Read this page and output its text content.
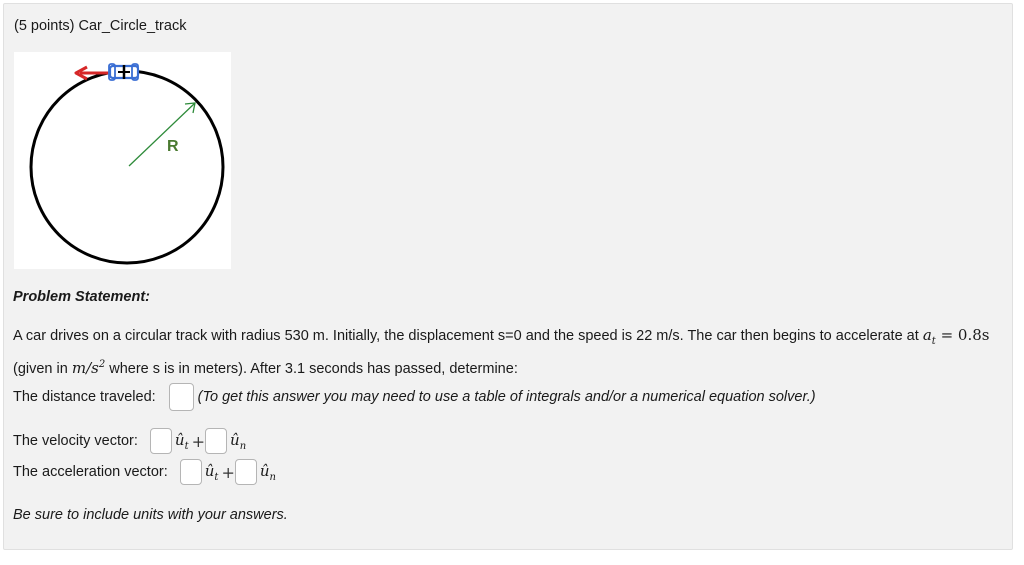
(5 points) Car_Circle_track
R
Problem Statement:
A car drives on a circular track with radius 530 m. Initially, the displacement s=0 and the speed is 22 m/s. The car then begins to accelerate at $a_t = 0.8s$ (given in $m/s^2$ where s is in meters). After 3.1 seconds has passed, determine:
The distance traveled:	(To get this answer you may need to use a table of integrals and/or a numerical equation solver.)
The velocity vector: $û_t$ + $û_n$
The acceleration vector: $û_t$ + $û_n$
Be sure to include units with your answers.
